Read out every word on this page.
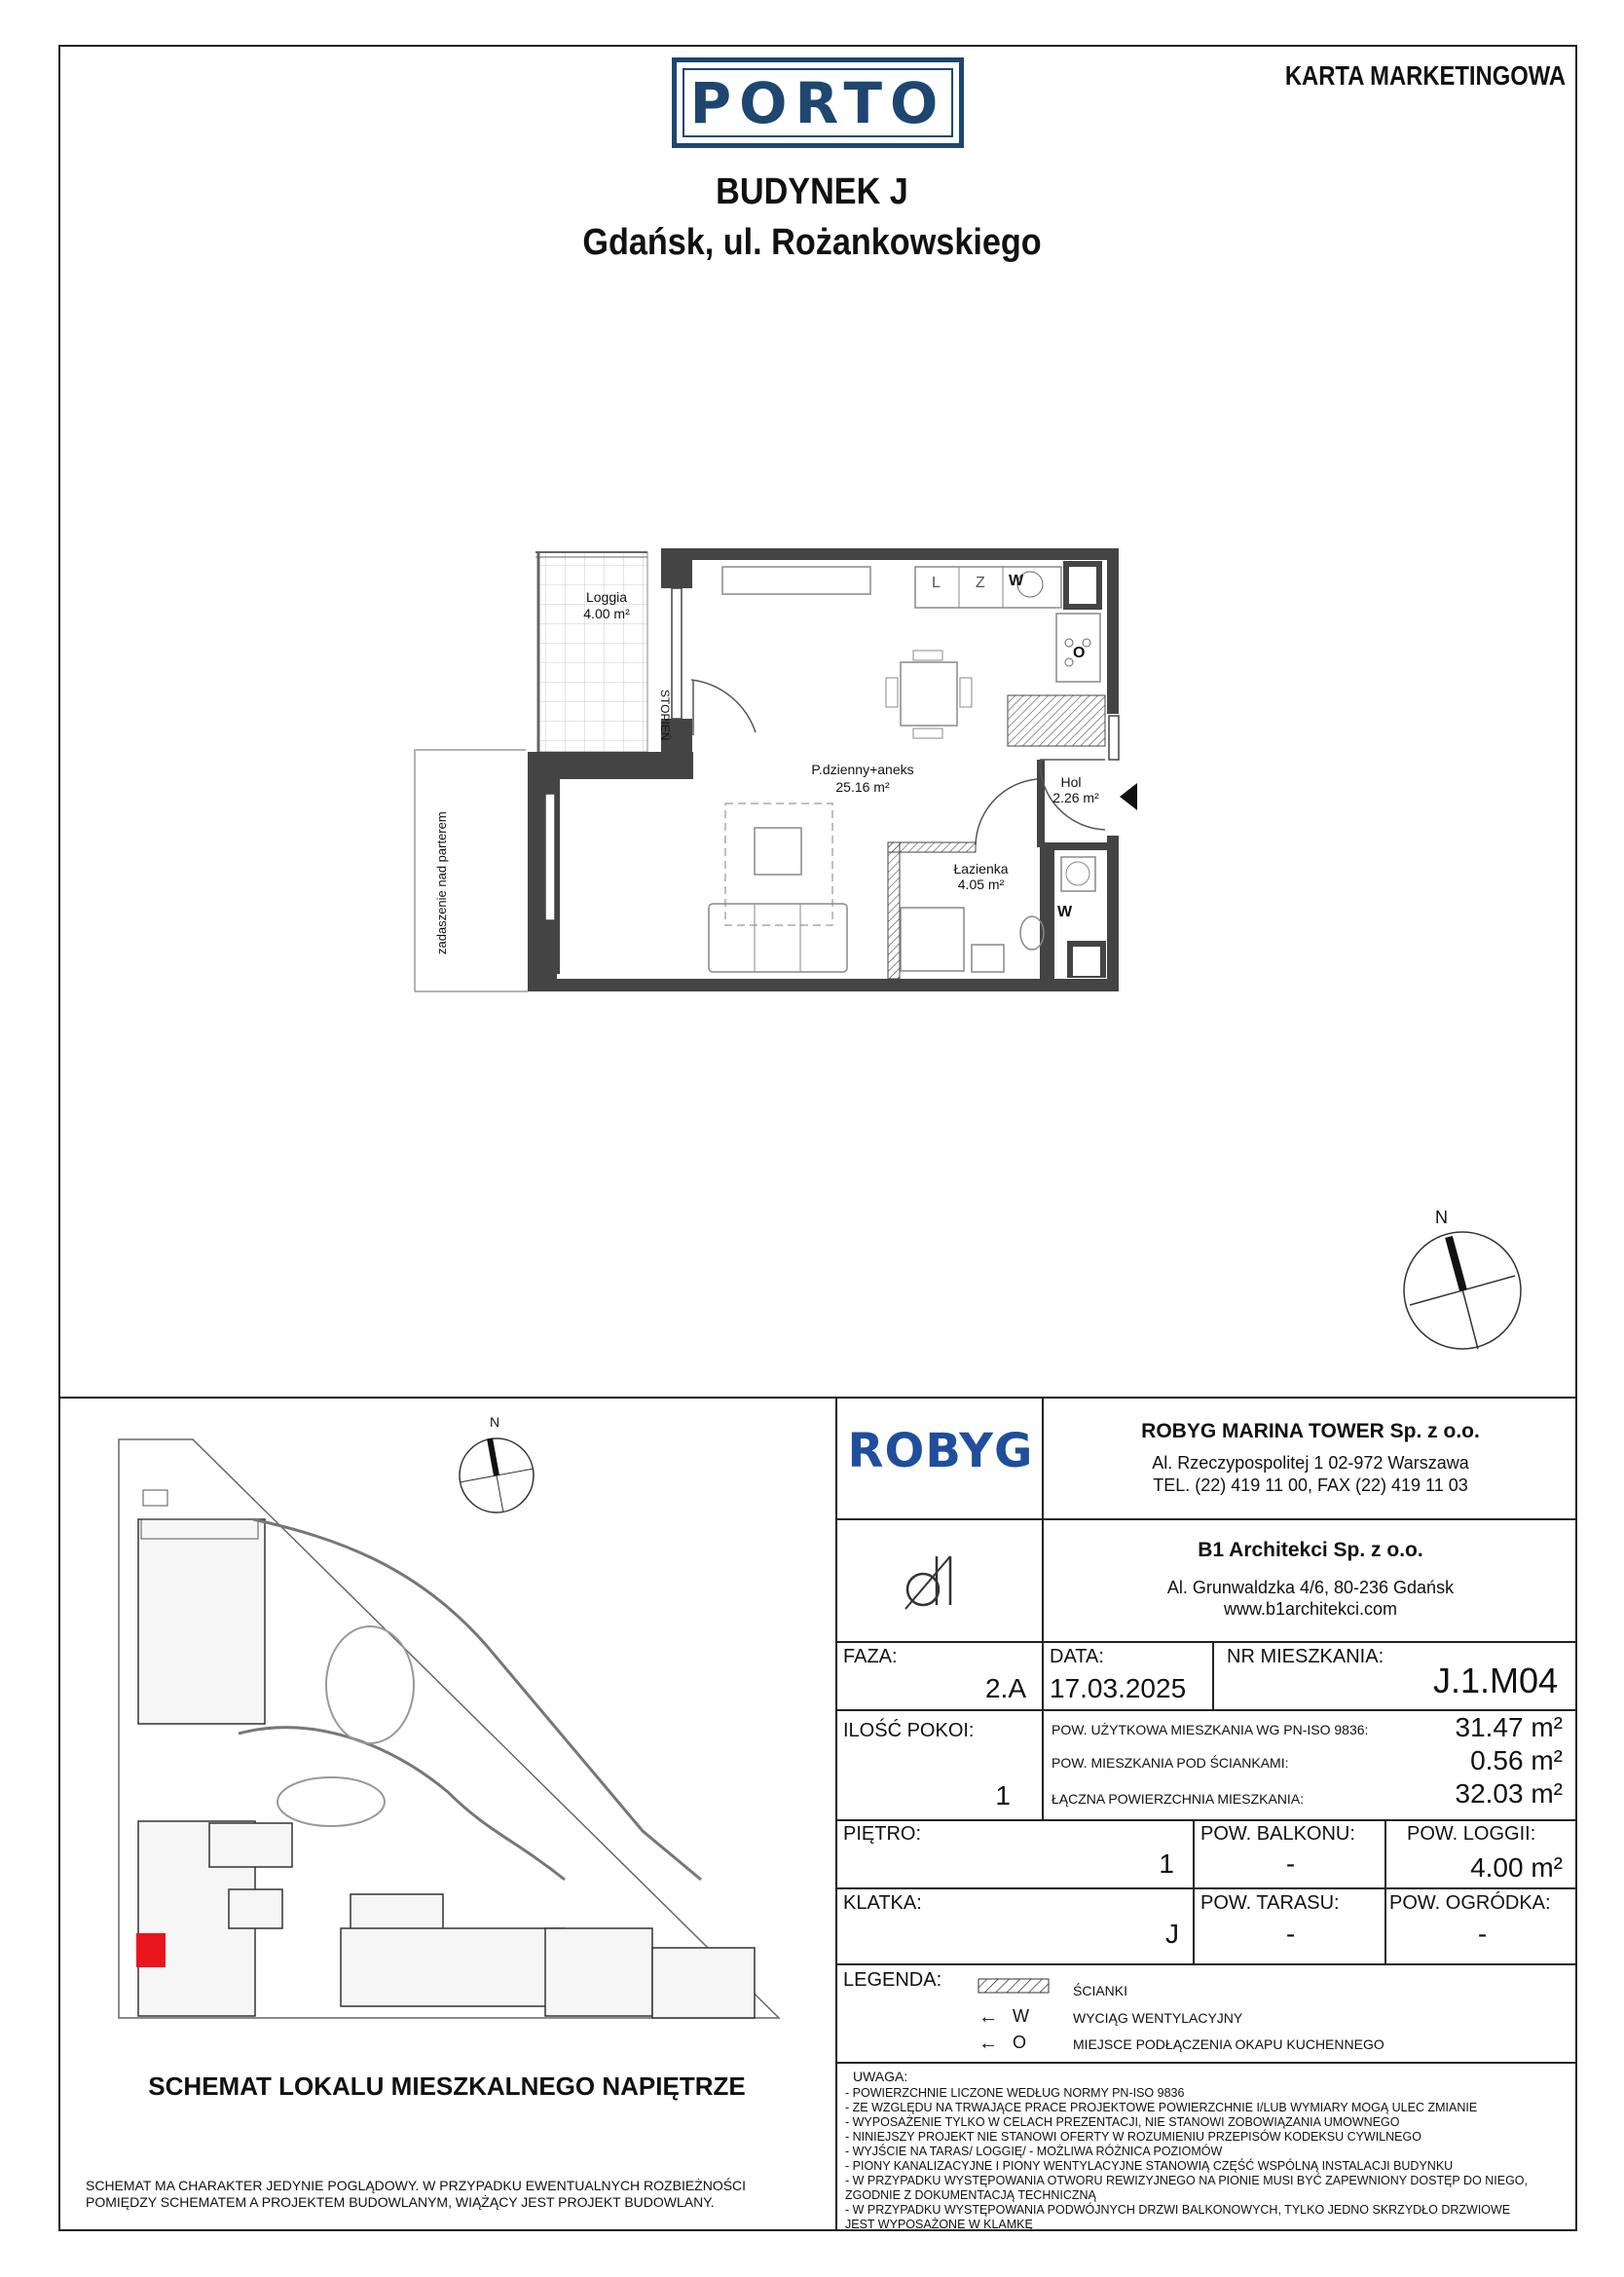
PORTO	KARTA MARKETINGOWA
BUDYNEK J
Gdańsk, ul. Rożankowskiego
Loggia
4.00 m²
P.dzienny+aneks
25.16 m²	Hol
2.26 m²
Łazienka
4.05 m²
STOPIEŃ
zadaszenie nad parterem
L Z W
O
W
N
N
SCHEMAT LOKALU MIESZKALNEGO NAPIĘTRZE
SCHEMAT MA CHARAKTER JEDYNIE POGLĄDOWY. W PRZYPADKU EWENTUALNYCH ROZBIEŻNOŚCI
POMIĘDZY SCHEMATEM A PROJEKTEM BUDOWLANYM, WIĄŻĄCY JEST PROJEKT BUDOWLANY.
ROBYG	ROBYG MARINA TOWER Sp. z o.o.
Al. Rzeczypospolitej 1 02-972 Warszawa
TEL. (22) 419 11 00, FAX (22) 419 11 03
B1 Architekci Sp. z o.o.
Al. Grunwaldzka 4/6, 80-236 Gdańsk
www.b1architekci.com
FAZA:
2.A
DATA:
17.03.2025
NR MIESZKANIA:
J.1.M04
ILOŚĆ POKOI:
1
POW. UŻYTKOWA MIESZKANIA WG PN-ISO 9836:	31.47 m²
POW. MIESZKANIA POD ŚCIANKAMI:	0.56 m²
ŁĄCZNA POWIERZCHNIA MIESZKANIA:	32.03 m²
PIĘTRO:
1
POW. BALKONU:
-
POW. LOGGII:
4.00 m²
KLATKA:
J
POW. TARASU:
-
POW. OGRÓDKA:
-
LEGENDA:	ŚCIANKI
← W	WYCIĄG WENTYLACYJNY
← O	MIEJSCE PODŁĄCZENIA OKAPU KUCHENNEGO
UWAGA:
- POWIERZCHNIE LICZONE WEDŁUG NORMY PN-ISO 9836
- ZE WZGLĘDU NA TRWAJĄCE PRACE PROJEKTOWE POWIERZCHNIE I/LUB WYMIARY MOGĄ ULEC ZMIANIE
- WYPOSAŻENIE TYLKO W CELACH PREZENTACJI, NIE STANOWI ZOBOWIĄZANIA UMOWNEGO
- NINIEJSZY PROJEKT NIE STANOWI OFERTY W ROZUMIENIU PRZEPISÓW KODEKSU CYWILNEGO
- WYJŚCIE NA TARAS/ LOGGIĘ/ - MOŻLIWA RÓŻNICA POZIOMÓW
- PIONY KANALIZACYJNE I PIONY WENTYLACYJNE STANOWIĄ CZĘŚĆ WSPÓLNĄ INSTALACJI BUDYNKU
- W PRZYPADKU WYSTĘPOWANIA OTWORU REWIZYJNEGO NA PIONIE MUSI BYĆ ZAPEWNIONY DOSTĘP DO NIEGO,
ZGODNIE Z DOKUMENTACJĄ TECHNICZNĄ
- W PRZYPADKU WYSTĘPOWANIA PODWÓJNYCH DRZWI BALKONOWYCH, TYLKO JEDNO SKRZYDŁO DRZWIOWE
JEST WYPOSAŻONE W KLAMKĘ
